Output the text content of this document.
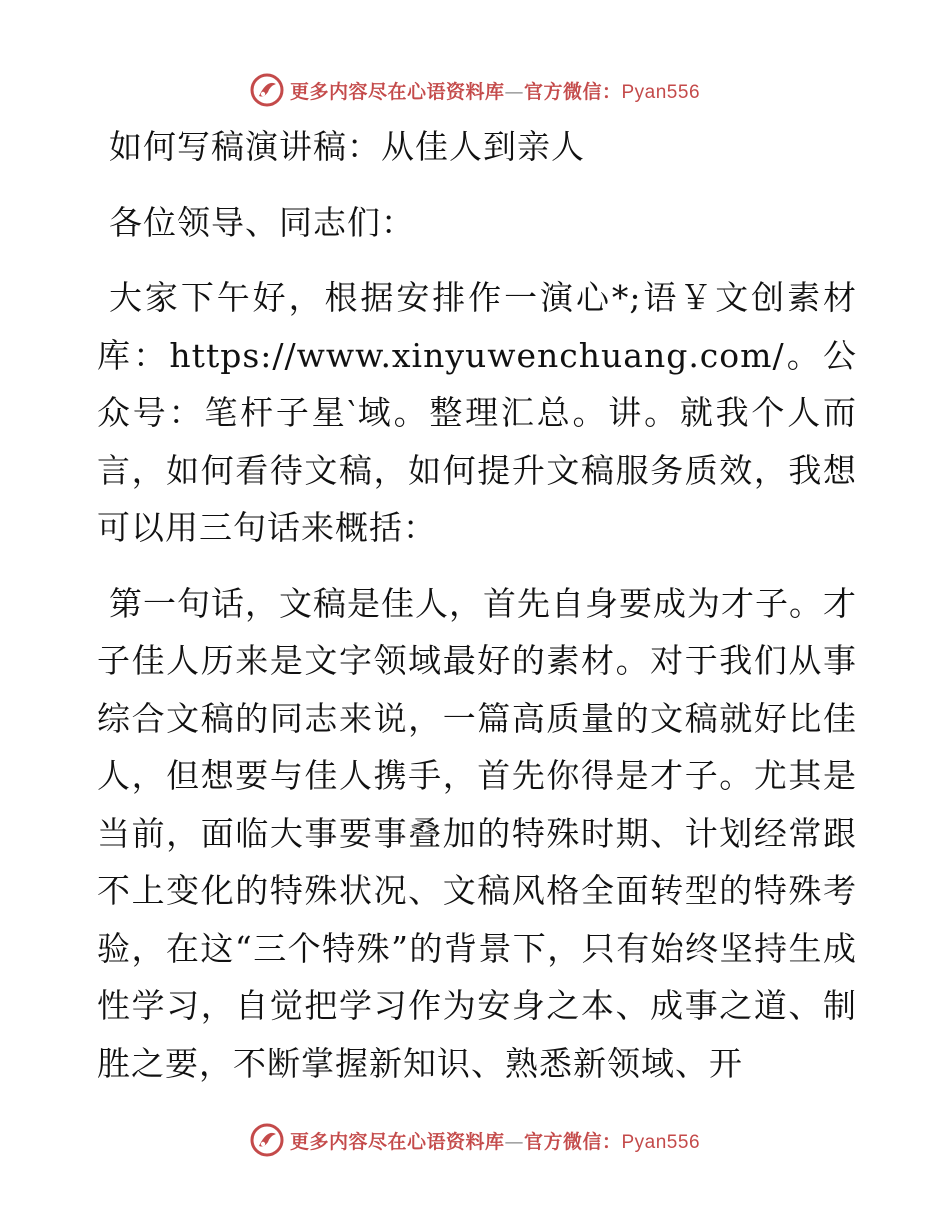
更多内容尽在心语资料库—官方微信：Pyan556

如何写稿演讲稿：从佳人到亲人

各位领导、同志们：

大家下午好，根据安排作一演心*;语￥文创素材库：https://www.xinyuwenchuang.com/。公众号：笔杆子星‵域。整理汇总。讲。就我个人而言，如何看待文稿，如何提升文稿服务质效，我想可以用三句话来概括：

第一句话，文稿是佳人，首先自身要成为才子。才子佳人历来是文字领域最好的素材。对于我们从事综合文稿的同志来说，一篇高质量的文稿就好比佳人，但想要与佳人携手，首先你得是才子。尤其是当前，面临大事要事叠加的特殊时期、计划经常跟不上变化的特殊状况、文稿风格全面转型的特殊考验，在这“三个特殊”的背景下，只有始终坚持生成性学习，自觉把学习作为安身之本、成事之道、制胜之要，不断掌握新知识、熟悉新领域、开

更多内容尽在心语资料库—官方微信：Pyan556
